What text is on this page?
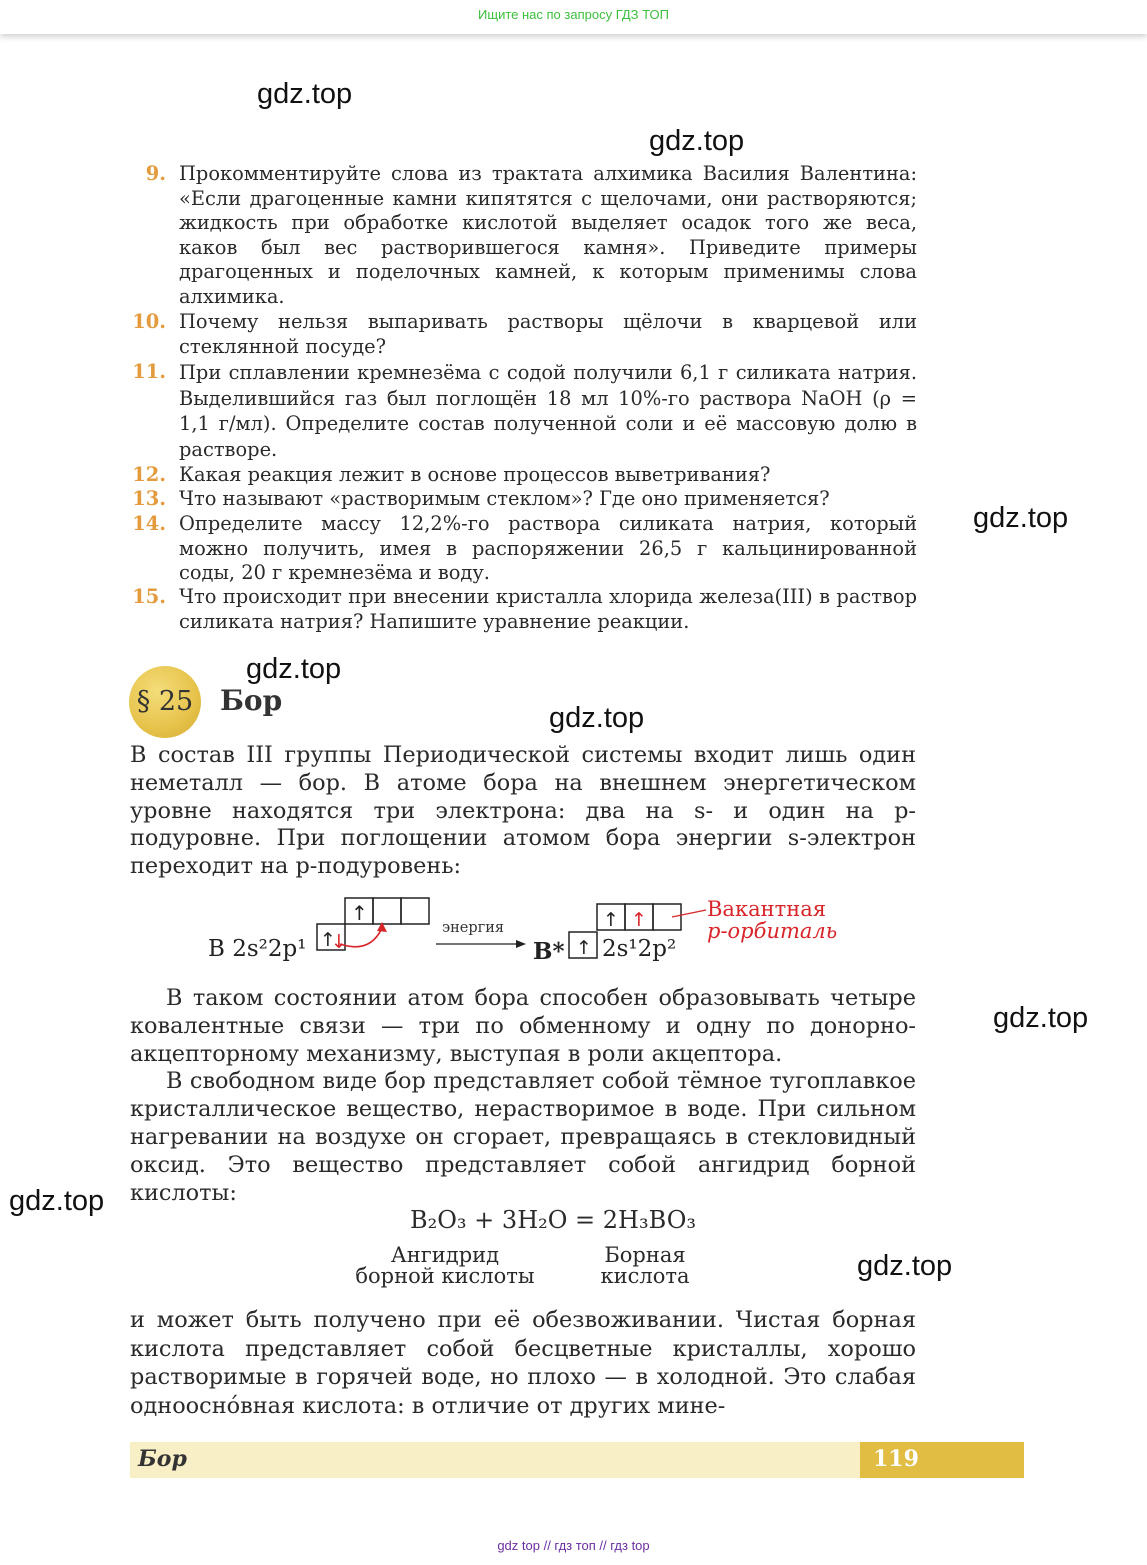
Ищите нас по запросу ГДЗ ТОП
gdz.top
gdz.top
gdz.top
gdz.top
gdz.top
gdz.top
gdz.top
gdz.top
9. Прокомментируйте слова из трактата алхимика Василия Валентина: «Если драгоценные камни кипятятся с щелочами, они растворяются; жидкость при обработке кислотой выделяет осадок того же веса, каков был вес растворившегося камня». Приведите примеры драгоценных и поделочных камней, к которым применимы слова алхимика.
10. Почему нельзя выпаривать растворы щёлочи в кварцевой или стеклянной посуде?
11. При сплавлении кремнезёма с содой получили 6,1 г силиката натрия. Выделившийся газ был поглощён 18 мл 10%-го раствора NaOH (ρ = 1,1 г/мл). Определите состав полученной соли и её массовую долю в растворе.
12. Какая реакция лежит в основе процессов выветривания?
13. Что называют «растворимым стеклом»? Где оно применяется?
14. Определите массу 12,2%-го раствора силиката натрия, который можно получить, имея в распоряжении 26,5 г кальцинированной соды, 20 г кремнезёма и воду.
15. Что происходит при внесении кристалла хлорида железа(III) в раствор силиката натрия? Напишите уравнение реакции.
§ 25 Бор

В состав III группы Периодической системы входит лишь один неметалл — бор. В атоме бора на внешнем энергетическом уровне находятся три электрона: два на s- и один на p-подуровне. При поглощении атомом бора энергии s-электрон переходит на p-подуровень:

↑
↑
↓
энергия
↑
↑ ↑
B 2s²2p¹	B* 2s¹2p²
Вакантная
p-орбиталь

В таком состоянии атом бора способен образовывать четыре ковалентные связи — три по обменному и одну по донорно-акцепторному механизму, выступая в роли акцептора.

В свободном виде бор представляет собой тёмное тугоплавкое кристаллическое вещество, нерастворимое в воде. При сильном нагревании на воздухе он сгорает, превращаясь в стекловидный оксид. Это вещество представляет собой ангидрид борной кислоты:

B₂O₃ + 3H₂O = 2H₃BO₃
Ангидрид
борной кислоты
Борная
кислота

и может быть получено при её обезвоживании. Чистая борная кислота представляет собой бесцветные кристаллы, хорошо растворимые в горячей воде, но плохо — в холодной. Это слабая одноосно́вная кислота: в отличие от других мине-

Бор	119
gdz top // гдз топ // гдз top
